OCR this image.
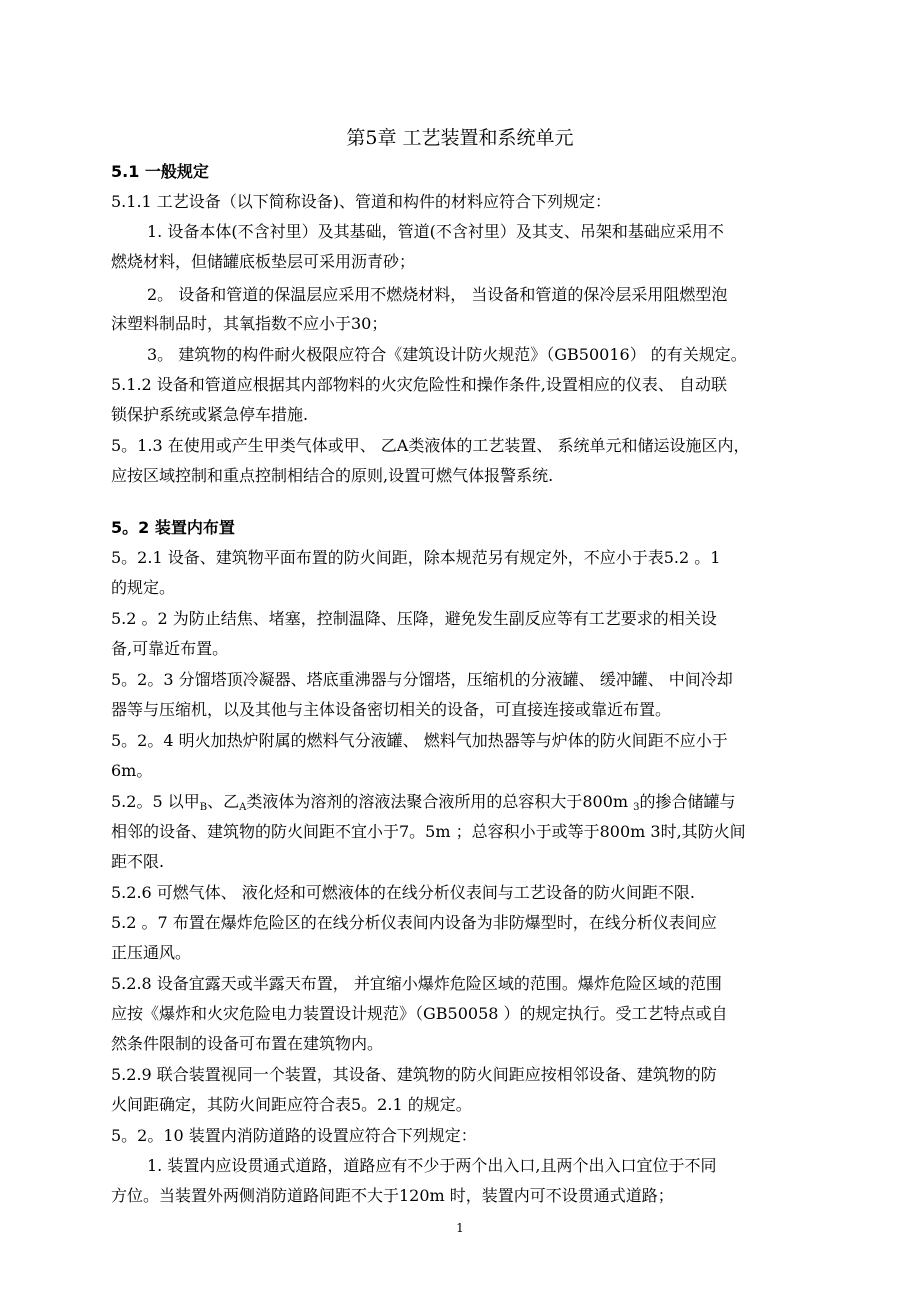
第5章 工艺装置和系统单元
5.1 一般规定
5.1.1 工艺设备（以下简称设备)、管道和构件的材料应符合下列规定：
1. 设备本体(不含衬里）及其基础，管道(不含衬里）及其支、吊架和基础应采用不
燃烧材料，但储罐底板垫层可采用沥青砂；
2。 设备和管道的保温层应采用不燃烧材料， 当设备和管道的保冷层采用阻燃型泡
沫塑料制品时，其氧指数不应小于30；
3。 建筑物的构件耐火极限应符合《建筑设计防火规范》（GB50016） 的有关规定。
5.1.2 设备和管道应根据其内部物料的火灾危险性和操作条件,设置相应的仪表、 自动联
锁保护系统或紧急停车措施.
5。1.3 在使用或产生甲类气体或甲、 乙A类液体的工艺装置、 系统单元和储运设施区内，
应按区域控制和重点控制相结合的原则,设置可燃气体报警系统.
5。2 装置内布置
5。2.1 设备、建筑物平面布置的防火间距，除本规范另有规定外，不应小于表5.2 。1
的规定。
5.2 。2 为防止结焦、堵塞，控制温降、压降，避免发生副反应等有工艺要求的相关设
备,可靠近布置。
5。2。3 分馏塔顶冷凝器、塔底重沸器与分馏塔，压缩机的分液罐、 缓冲罐、 中间冷却
器等与压缩机，以及其他与主体设备密切相关的设备，可直接连接或靠近布置。
5。2。4 明火加热炉附属的燃料气分液罐、 燃料气加热器等与炉体的防火间距不应小于
6m。
5.2。5 以甲$_B$、乙$_A$类液体为溶剂的溶液法聚合液所用的总容积大于800m $_3$的掺合储罐与
相邻的设备、建筑物的防火间距不宜小于7。5m ；总容积小于或等于800m 3时,其防火间
距不限.
5.2.6 可燃气体、 液化烃和可燃液体的在线分析仪表间与工艺设备的防火间距不限.
5.2 。7 布置在爆炸危险区的在线分析仪表间内设备为非防爆型时，在线分析仪表间应
正压通风。
5.2.8 设备宜露天或半露天布置， 并宜缩小爆炸危险区域的范围。爆炸危险区域的范围
应按《爆炸和火灾危险电力装置设计规范》（GB50058 ）的规定执行。受工艺特点或自
然条件限制的设备可布置在建筑物内。
5.2.9 联合装置视同一个装置，其设备、建筑物的防火间距应按相邻设备、建筑物的防
火间距确定，其防火间距应符合表5。2.1 的规定。
5。2。10 装置内消防道路的设置应符合下列规定：
1. 装置内应设贯通式道路，道路应有不少于两个出入口,且两个出入口宜位于不同
方位。当装置外两侧消防道路间距不大于120m 时，装置内可不设贯通式道路；
1
